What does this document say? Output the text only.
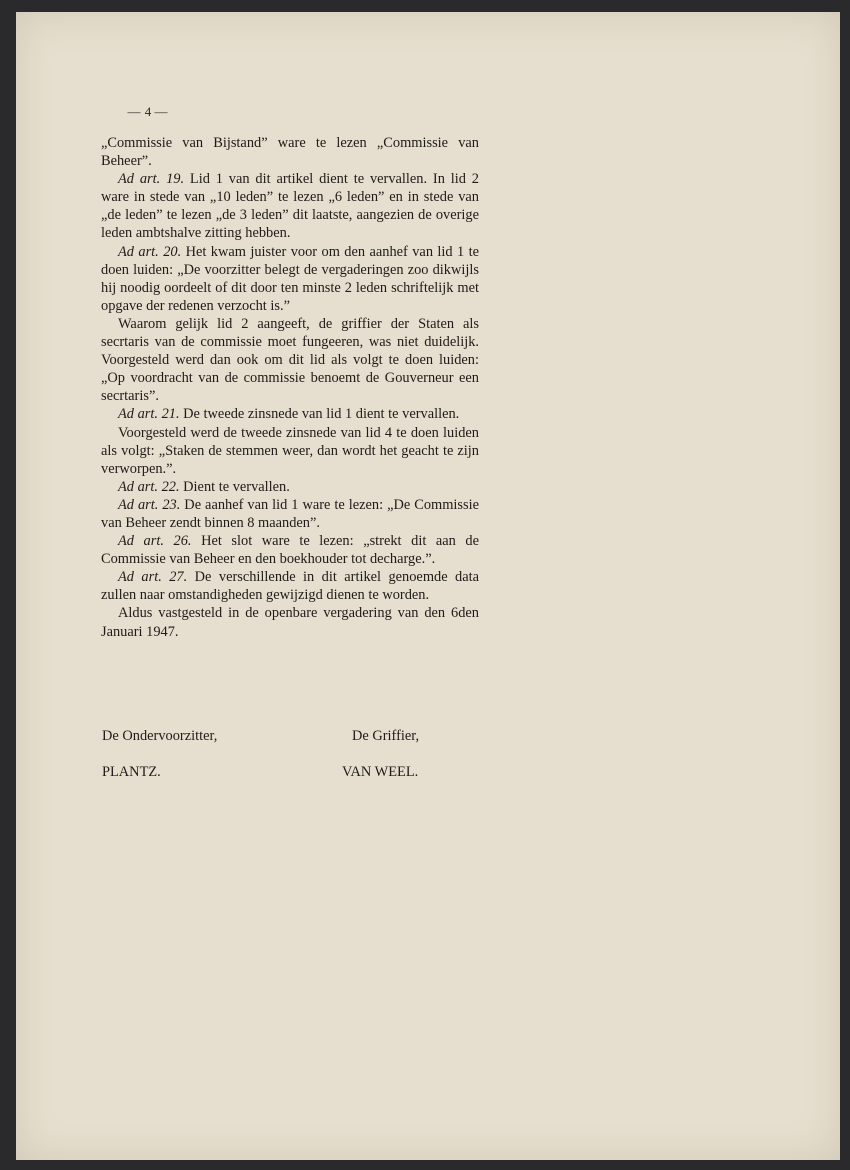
— 4 —

„Commissie van Bijstand” ware te lezen „Commissie van Beheer”.

Ad art. 19. Lid 1 van dit artikel dient te vervallen. In lid 2 ware in stede van „10 leden” te lezen „6 leden” en in stede van „de leden” te lezen „de 3 leden” dit laatste, aangezien de overige leden ambtshalve zitting hebben.

Ad art. 20. Het kwam juister voor om den aanhef van lid 1 te doen luiden: „De voorzitter belegt de vergaderingen zoo dikwijls hij noodig oordeelt of dit door ten minste 2 leden schriftelijk met opgave der redenen verzocht is.”

Waarom gelijk lid 2 aangeeft, de griffier der Staten als secrtaris van de commissie moet fungeeren, was niet duidelijk. Voorgesteld werd dan ook om dit lid als volgt te doen luiden: „Op voordracht van de commissie benoemt de Gouverneur een secrtaris”.

Ad art. 21. De tweede zinsnede van lid 1 dient te vervallen.

Voorgesteld werd de tweede zinsnede van lid 4 te doen luiden als volgt: „Staken de stemmen weer, dan wordt het geacht te zijn verworpen.”.

Ad art. 22. Dient te vervallen.

Ad art. 23. De aanhef van lid 1 ware te lezen: „De Commissie van Beheer zendt binnen 8 maanden”.

Ad art. 26. Het slot ware te lezen: „strekt dit aan de Commissie van Beheer en den boekhouder tot decharge.”.

Ad art. 27. De verschillende in dit artikel genoemde data zullen naar omstandigheden gewijzigd dienen te worden.

Aldus vastgesteld in de openbare vergadering van den 6den Januari 1947.

De Ondervoorzitter,	De Griffier,
PLANTZ.	VAN WEEL.
